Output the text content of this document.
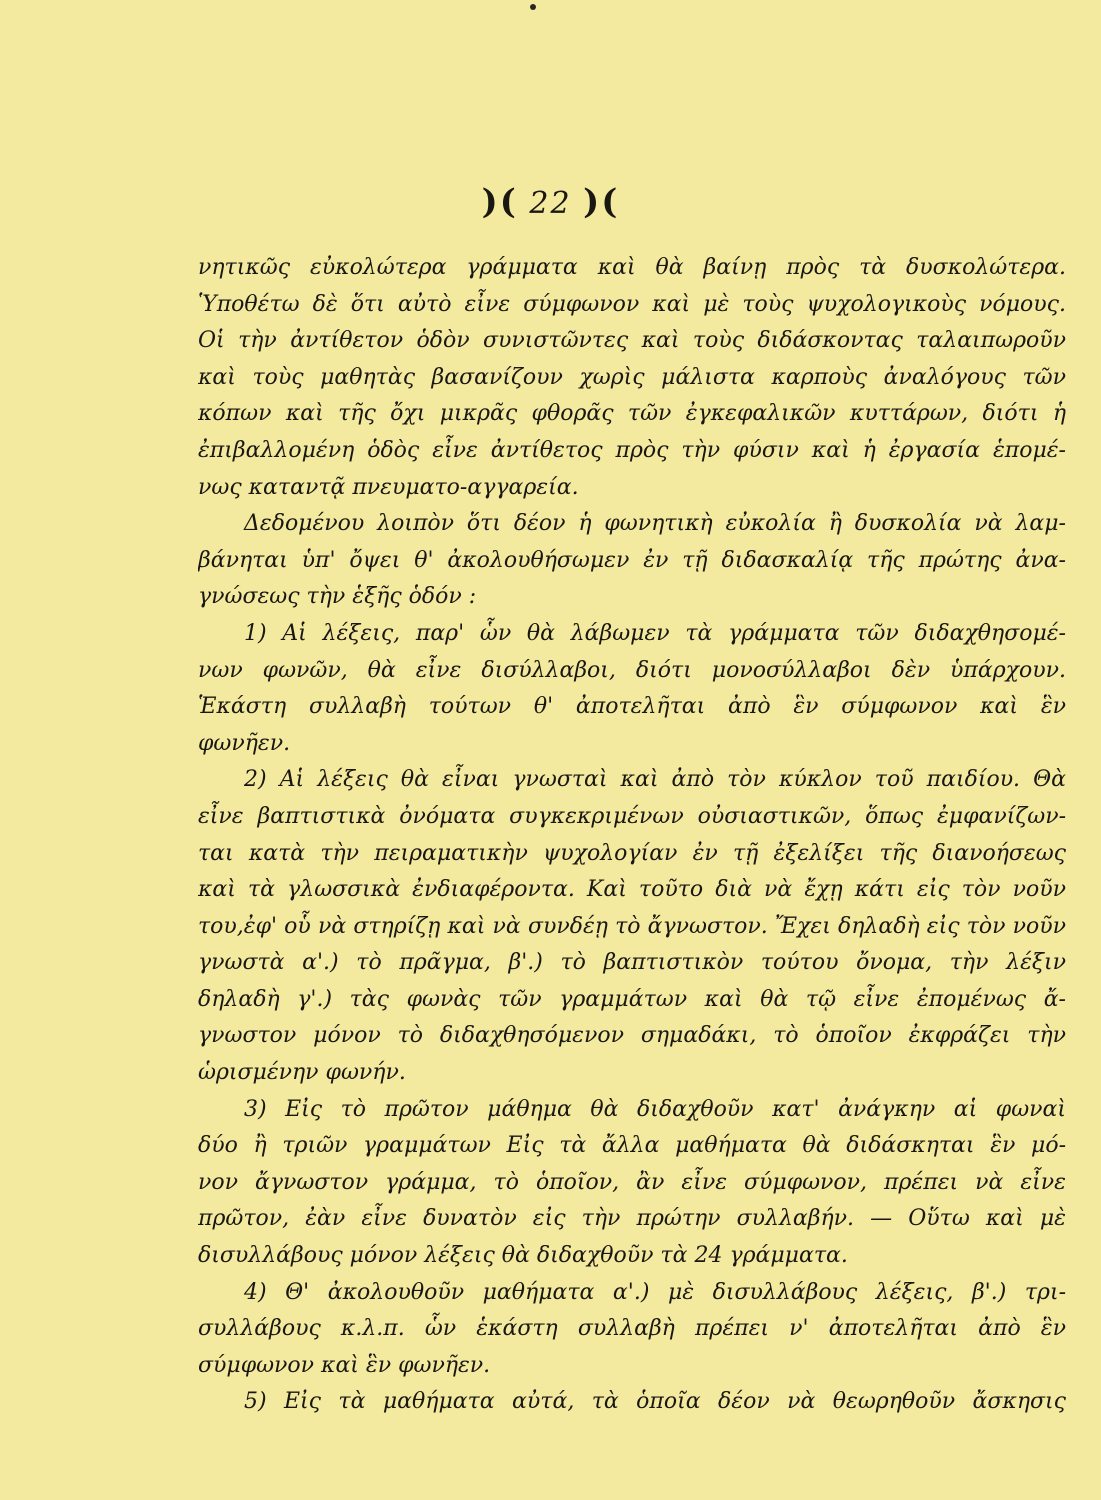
)( 22 )(
νητικῶς εὐκολώτερα γράμματα καὶ θὰ βαίνῃ πρὸς τὰ δυσκολώτερα.
Ὑποθέτω δὲ ὅτι αὐτὸ εἶνε σύμφωνον καὶ μὲ τοὺς ψυχολογικοὺς νόμους.
Οἱ τὴν ἀντίθετον ὁδὸν συνιστῶντες καὶ τοὺς διδάσκοντας ταλαιπωροῦν
καὶ τοὺς μαθητὰς βασανίζουν χωρὶς μάλιστα καρποὺς ἀναλόγους τῶν
κόπων καὶ τῆς ὄχι μικρᾶς φθορᾶς τῶν ἐγκεφαλικῶν κυττάρων, διότι ἡ
ἐπιβαλλομένη ὁδὸς εἶνε ἀντίθετος πρὸς τὴν φύσιν καὶ ἡ ἐργασία ἑπομέ-
νως καταντᾷ πνευματο-αγγαρεία.
Δεδομένου λοιπὸν ὅτι δέον ἡ φωνητικὴ εὐκολία ἢ δυσκολία νὰ λαμ-
βάνηται ὑπ' ὄψει θ' ἀκολουθήσωμεν ἐν τῇ διδασκαλίᾳ τῆς πρώτης ἀνα-
γνώσεως τὴν ἑξῆς ὁδόν :
1) Αἱ λέξεις, παρ' ὧν θὰ λάβωμεν τὰ γράμματα τῶν διδαχθησομέ-
νων φωνῶν, θὰ εἶνε δισύλλαβοι, διότι μονοσύλλαβοι δὲν ὑπάρχουν.
Ἑκάστη συλλαβὴ τούτων θ' ἀποτελῆται ἀπὸ ἓν σύμφωνον καὶ ἓν
φωνῆεν.
2) Αἱ λέξεις θὰ εἶναι γνωσταὶ καὶ ἀπὸ τὸν κύκλον τοῦ παιδίου. Θὰ
εἶνε βαπτιστικὰ ὀνόματα συγκεκριμένων οὐσιαστικῶν, ὅπως ἐμφανίζων-
ται κατὰ τὴν πειραματικὴν ψυχολογίαν ἐν τῇ ἐξελίξει τῆς διανοήσεως
καὶ τὰ γλωσσικὰ ἐνδιαφέροντα. Καὶ τοῦτο διὰ νὰ ἔχῃ κάτι εἰς τὸν νοῦν
του,ἐφ' οὗ νὰ στηρίζῃ καὶ νὰ συνδέῃ τὸ ἄγνωστον. Ἔχει δηλαδὴ εἰς τὸν νοῦν
γνωστὰ α'.) τὸ πρᾶγμα, β'.) τὸ βαπτιστικὸν τούτου ὄνομα, τὴν λέξιν
δηλαδὴ γ'.) τὰς φωνὰς τῶν γραμμάτων καὶ θὰ τῷ εἶνε ἐπομένως ἄ-
γνωστον μόνον τὸ διδαχθησόμενον σημαδάκι, τὸ ὁποῖον ἐκφράζει τὴν
ὡρισμένην φωνήν.
3) Εἰς τὸ πρῶτον μάθημα θὰ διδαχθοῦν κατ' ἀνάγκην αἱ φωναὶ
δύο ἢ τριῶν γραμμάτων Εἰς τὰ ἄλλα μαθήματα θὰ διδάσκηται ἓν μό-
νον ἄγνωστον γράμμα, τὸ ὁποῖον, ἂν εἶνε σύμφωνον, πρέπει νὰ εἶνε
πρῶτον, ἐὰν εἶνε δυνατὸν εἰς τὴν πρώτην συλλαβήν. — Οὕτω καὶ μὲ
δισυλλάβους μόνον λέξεις θὰ διδαχθοῦν τὰ 24 γράμματα.
4) Θ' ἀκολουθοῦν μαθήματα α'.) μὲ δισυλλάβους λέξεις, β'.) τρι-
συλλάβους κ.λ.π. ὧν ἑκάστη συλλαβὴ πρέπει ν' ἀποτελῆται ἀπὸ ἓν
σύμφωνον καὶ ἓν φωνῆεν.
5) Εἰς τὰ μαθήματα αὐτά, τὰ ὁποῖα δέον νὰ θεωρηθοῦν ἄσκησις
